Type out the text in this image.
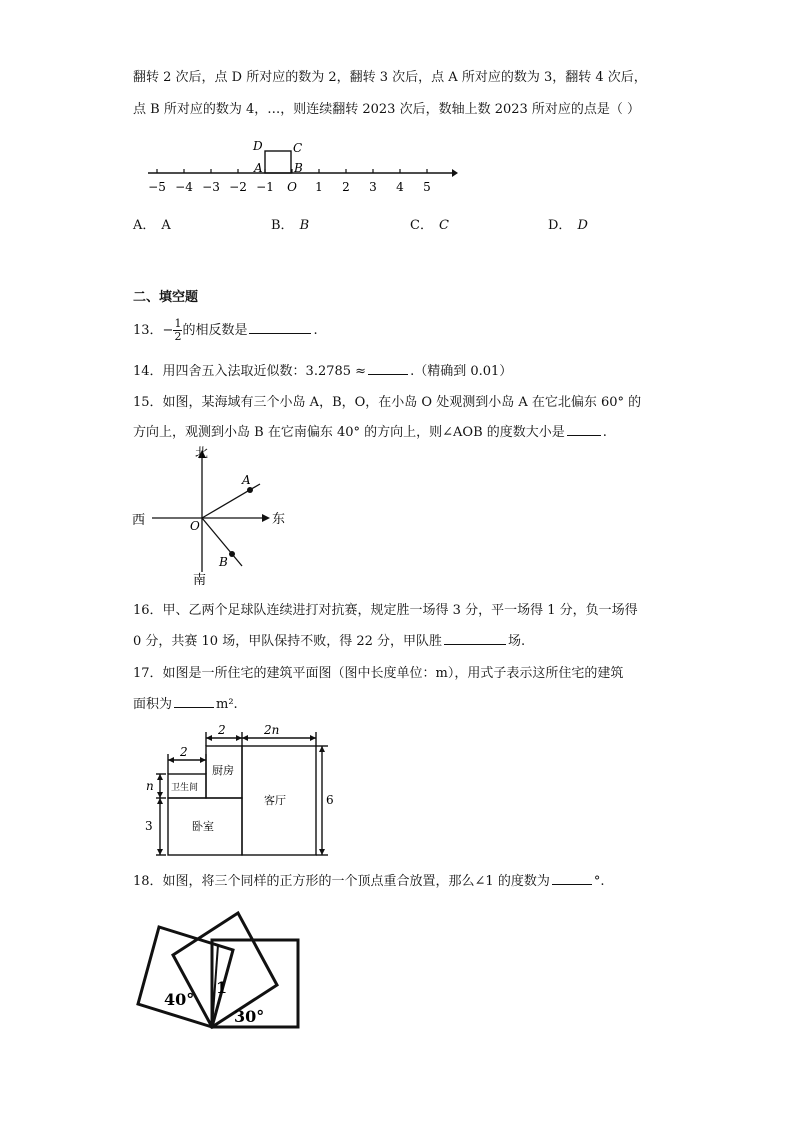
翻转 2 次后，点 D 所对应的数为 2，翻转 3 次后，点 A 所对应的数为 3，翻转 4 次后，
点 B 所对应的数为 4，…，则连续翻转 2023 次后，数轴上数 2023 所对应的点是（ ）
−5 −4 −3 −2 −1 O 1 2 3 4 5
D	C
A	B
A． A	B． B	C． C	D． D
二、填空题
13．− $\frac{1}{2}$ 的相反数是	.
14．用四舍五入法取近似数：3.2785 ≈	.（精确到 0.01）
15．如图，某海域有三个小岛 A，B，O，在小岛 O 处观测到小岛 A 在它北偏东 60° 的
方向上，观测到小岛 B 在它南偏东 40° 的方向上，则∠AOB 的度数大小是	.
北
南
东
西	O
A
B
16．甲、乙两个足球队连续进打对抗赛，规定胜一场得 3 分，平一场得 1 分，负一场得
0 分，共赛 10 场，甲队保持不败，得 22 分，甲队胜	场.
17．如图是一所住宅的建筑平面图（图中长度单位：m），用式子表示这所住宅的建筑
面积为	m².
2
2	2n
n
3
6
卫生间
厨房
客厅
卧室
18．如图，将三个同样的正方形的一个顶点重合放置，那么∠1 的度数为	°.
40°
1
30°
